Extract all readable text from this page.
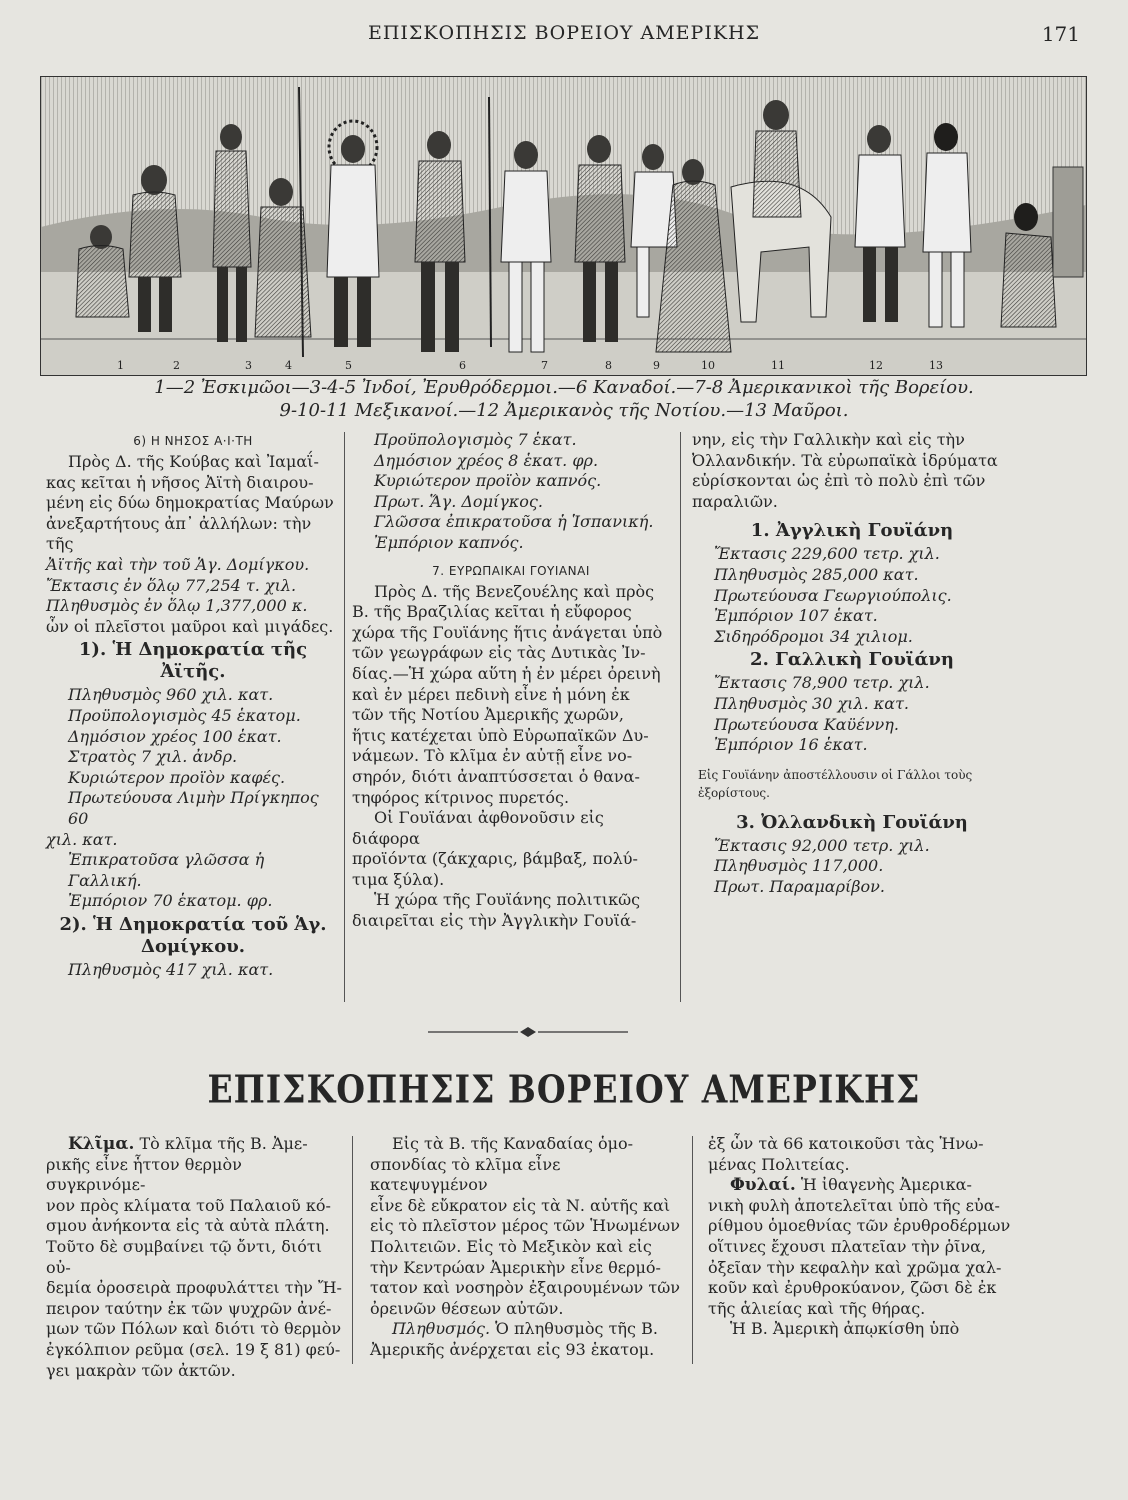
ΕΠΙΣΚΟΠΗΣΙΣ ΒΟΡΕΙΟΥ ΑΜΕΡΙΚΗΣ	171
1	2	3	4	5	6	7	8	9	10	11	12	13
1—2 Ἐσκιμῶοι—3-4-5 Ἰνδοί, Ἐρυθρόδερμοι.—6 Καναδοί.—7-8 Ἀμερικανικοὶ τῆς Βορείου.
9-10-11 Μεξικανοί.—12 Ἀμερικανὸς τῆς Νοτίου.—13 Μαῦροι.
6) Η ΝΗΣΟΣ Α·Ι·ΤΗ

Πρὸς Δ. τῆς Κούβας καὶ Ἰαμαΐ-

κας κεῖται ἡ νῆσος Ἀϊτὴ διαιρου-

μένη εἰς δύω δημοκρατίας Μαύρων

ἀνεξαρτήτους ἀπ᾽ ἀλλήλων: τὴν τῆς

Ἀϊτῆς καὶ τὴν τοῦ Ἁγ. Δομίγκου.

Ἔκτασις ἐν ὅλῳ 77,254 τ. χιλ.

Πληθυσμὸς ἐν ὅλῳ 1,377,000 κ.

ὧν οἱ πλεῖστοι μαῦροι καὶ μιγάδες.

1). Ἡ Δημοκρατία τῆς
Ἀϊτῆς.

Πληθυσμὸς 960 χιλ. κατ.

Προϋπολογισμὸς 45 ἑκατομ.

Δημόσιον χρέος 100 ἑκατ.

Στρατὸς 7 χιλ. ἀνδρ.

Κυριώτερον προϊὸν καφές.

Πρωτεύουσα Λιμὴν Πρίγκηπος 60

χιλ. κατ.

Ἐπικρατοῦσα γλῶσσα ἡ Γαλλική.

Ἐμπόριον 70 ἑκατομ. φρ.

2). Ἡ Δημοκρατία τοῦ Ἁγ.
Δομίγκου.

Πληθυσμὸς 417 χιλ. κατ.

Προϋπολογισμὸς 7 ἑκατ.

Δημόσιον χρέος 8 ἑκατ. φρ.

Κυριώτερον προϊὸν καπνός.

Πρωτ. Ἅγ. Δομίγκος.

Γλῶσσα ἐπικρατοῦσα ἡ Ἱσπανική.

Ἐμπόριον καπνός.

7. ΕΥΡΩΠΑΙΚΑΙ ΓΟΥΙΑΝΑΙ

Πρὸς Δ. τῆς Βενεζουέλης καὶ πρὸς

Β. τῆς Βραζιλίας κεῖται ἡ εὔφορος

χώρα τῆς Γουϊάνης ἥτις ἀνάγεται ὑπὸ

τῶν γεωγράφων εἰς τὰς Δυτικὰς Ἰν-

δίας.—Ἡ χώρα αὕτη ἡ ἐν μέρει ὀρεινὴ

καὶ ἐν μέρει πεδινὴ εἶνε ἡ μόνη ἐκ

τῶν τῆς Νοτίου Ἀμερικῆς χωρῶν,

ἥτις κατέχεται ὑπὸ Εὐρωπαϊκῶν Δυ-

νάμεων. Τὸ κλῖμα ἐν αὐτῇ εἶνε νο-

σηρόν, διότι ἀναπτύσσεται ὁ θανα-

τηφόρος κίτρινος πυρετός.

Οἱ Γουϊάναι ἀφθονοῦσιν εἰς διάφορα

προϊόντα (ζάκχαρις, βάμβαξ, πολύ-

τιμα ξύλα).

Ἡ χώρα τῆς Γουϊάνης πολιτικῶς

διαιρεῖται εἰς τὴν Ἀγγλικὴν Γουϊά-

νην, εἰς τὴν Γαλλικὴν καὶ εἰς τὴν

Ὀλλανδικήν. Τὰ εὐρωπαϊκὰ ἱδρύματα

εὑρίσκονται ὡς ἐπὶ τὸ πολὺ ἐπὶ τῶν

παραλιῶν.

1. Ἀγγλικὴ Γουϊάνη

Ἔκτασις 229,600 τετρ. χιλ.

Πληθυσμὸς 285,000 κατ.

Πρωτεύουσα Γεωργιούπολις.

Ἐμπόριον 107 ἑκατ.

Σιδηρόδρομοι 34 χιλιομ.

2. Γαλλικὴ Γουϊάνη

Ἔκτασις 78,900 τετρ. χιλ.

Πληθυσμὸς 30 χιλ. κατ.

Πρωτεύουσα Καϋέννη.

Ἐμπόριον 16 ἑκατ.

Εἰς Γουϊάνην ἀποστέλλουσιν οἱ Γάλλοι τοὺς

ἐξορίστους.

3. Ὀλλανδικὴ Γουϊάνη

Ἔκτασις 92,000 τετρ. χιλ.

Πληθυσμὸς 117,000.

Πρωτ. Παραμαρίβον.

ΕΠΙΣΚΟΠΗΣΙΣ ΒΟΡΕΙΟΥ ΑΜΕΡΙΚΗΣ

Κλῖμα. Τὸ κλῖμα τῆς Β. Ἀμε-

ρικῆς εἶνε ἧττον θερμὸν συγκρινόμε-

νον πρὸς κλίματα τοῦ Παλαιοῦ κό-

σμου ἀνήκοντα εἰς τὰ αὐτὰ πλάτη.

Τοῦτο δὲ συμβαίνει τῷ ὄντι, διότι οὐ-

δεμία ὀροσειρὰ προφυλάττει τὴν Ἤ-

πειρον ταύτην ἐκ τῶν ψυχρῶν ἀνέ-

μων τῶν Πόλων καὶ διότι τὸ θερμὸν

ἐγκόλπιον ρεῦμα (σελ. 19 ξ 81) φεύ-

γει μακρὰν τῶν ἀκτῶν.

Εἰς τὰ Β. τῆς Καναδαίας ὁμο-

σπονδίας τὸ κλῖμα εἶνε κατεψυγμένον

εἶνε δὲ εὔκρατον εἰς τὰ Ν. αὐτῆς καὶ

εἰς τὸ πλεῖστον μέρος τῶν Ἡνωμένων

Πολιτειῶν. Εἰς τὸ Μεξικὸν καὶ εἰς

τὴν Κεντρώαν Ἀμερικὴν εἶνε θερμό-

τατον καὶ νοσηρὸν ἐξαιρουμένων τῶν

ὀρεινῶν θέσεων αὐτῶν.

Πληθυσμός. Ὁ πληθυσμὸς τῆς Β.

Ἀμερικῆς ἀνέρχεται εἰς 93 ἑκατομ.

ἐξ ὧν τὰ 66 κατοικοῦσι τὰς Ἡνω-

μένας Πολιτείας.

Φυλαί. Ἡ ἰθαγενὴς Ἀμερικα-

νικὴ φυλὴ ἀποτελεῖται ὑπὸ τῆς εὐα-

ρίθμου ὁμοεθνίας τῶν ἐρυθροδέρμων

οἵτινες ἔχουσι πλατεῖαν τὴν ῥῖνα,

ὀξεῖαν τὴν κεφαλὴν καὶ χρῶμα χαλ-

κοῦν καὶ ἐρυθροκύανον, ζῶσι δὲ ἐκ

τῆς ἁλιείας καὶ τῆς θήρας.

Ἡ Β. Ἀμερικὴ ἀπῳκίσθη ὑπὸ
